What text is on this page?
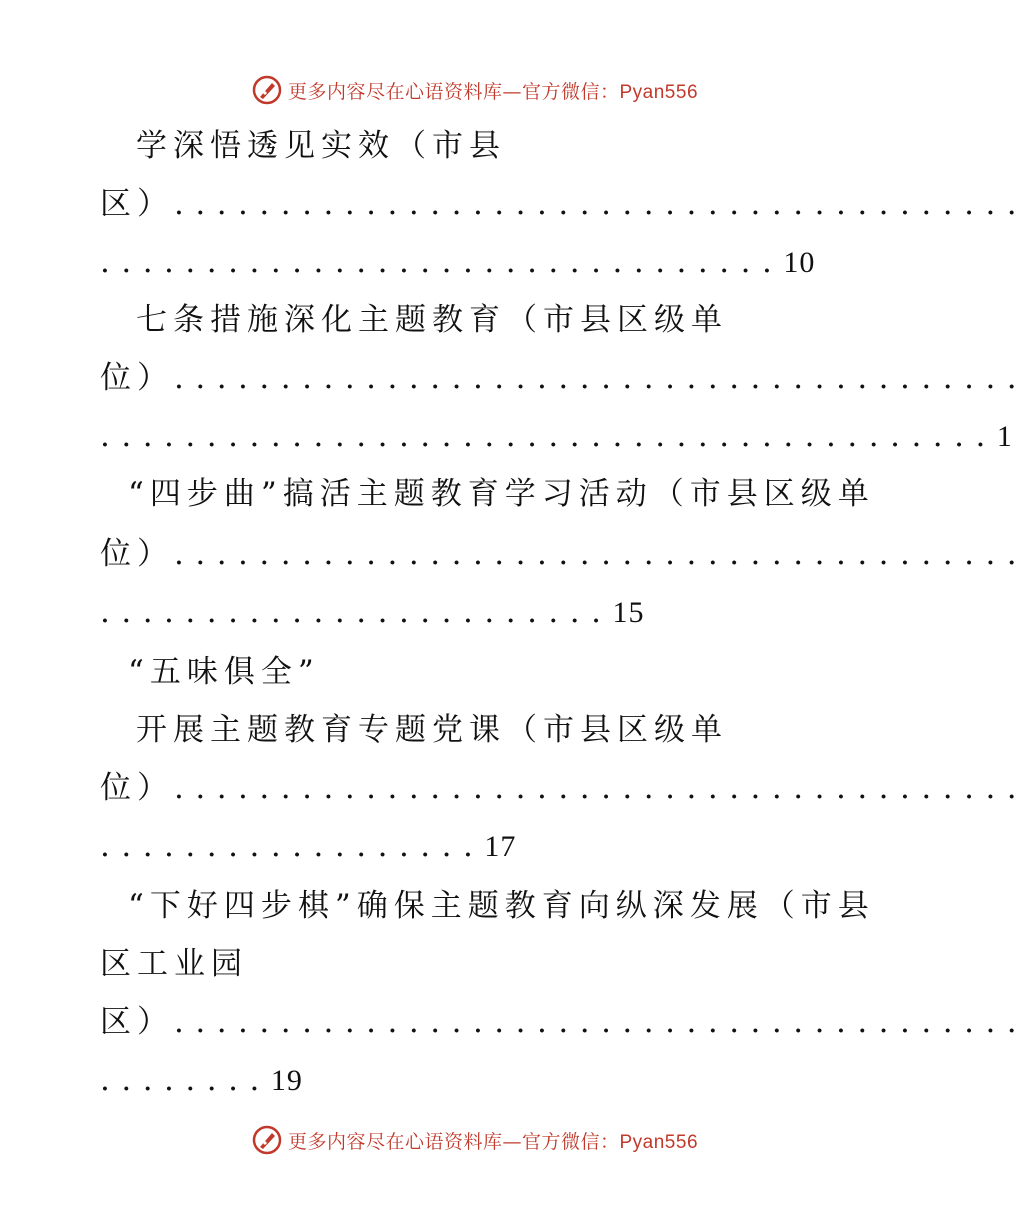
更多内容尽在心语资料库—官方微信：Pyan556
学深悟透见实效（市县
区）........................................
................................10
七条措施深化主题教育（市县区级单
位）........................................
..........................................1
“四步曲”搞活主题教育学习活动（市县区级单
位）........................................
........................15
“五味俱全”
开展主题教育专题党课（市县区级单
位）........................................
..................17
“下好四步棋”确保主题教育向纵深发展（市县
区工业园
区）........................................
........19
更多内容尽在心语资料库—官方微信：Pyan556
